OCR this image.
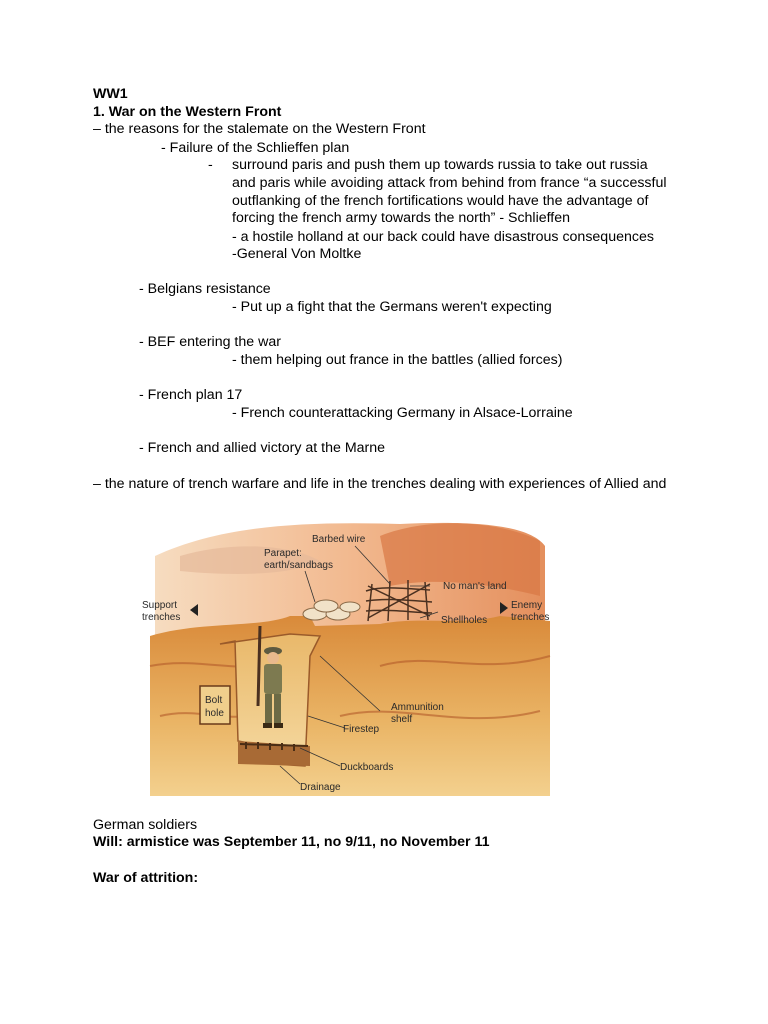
WW1
1. War on the Western Front
– the reasons for the stalemate on the Western Front
- Failure of the Schlieffen plan
- surround paris and push them up towards russia to take out russia
and paris while avoiding attack from behind from france “a successful
outflanking of the french fortifications would have the advantage of
forcing the french army towards the north” - Schlieffen
- a hostile holland at our back could have disastrous consequences
-General Von Moltke
- Belgians resistance
- Put up a fight that the Germans weren't expecting
- BEF entering the war
- them helping out france in the battles (allied forces)
- French plan 17
- French counterattacking Germany in Alsace-Lorraine
- French and allied victory at the Marne
– the nature of trench warfare and life in the trenches dealing with experiences of Allied and
Barbed wire
Parapet:
earth/sandbags
No man's land
Support
trenches
Enemy
trenches
Shellholes
Bolt
hole
Ammunition
shelf
Firestep
Duckboards
Drainage
German soldiers
Will: armistice was September 11, no 9/11, no November 11
War of attrition:
